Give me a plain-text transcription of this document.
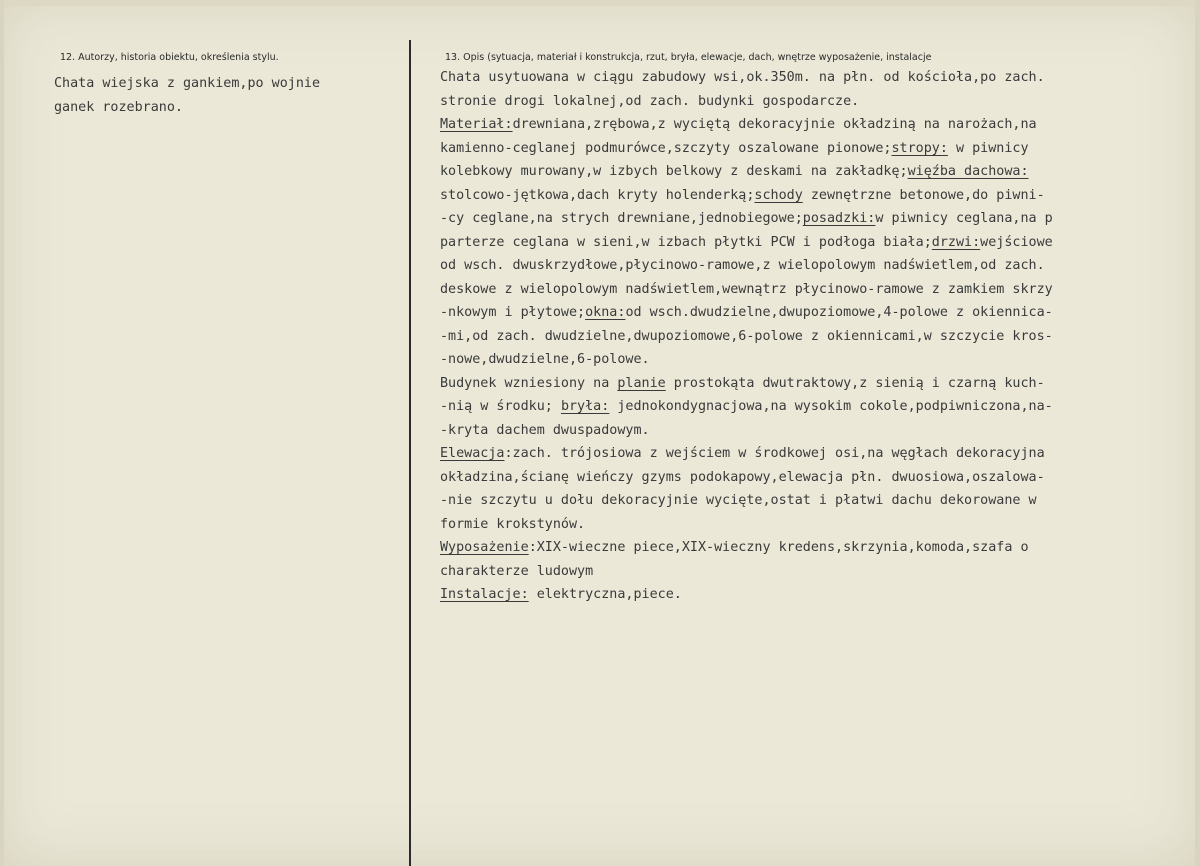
12. Autorzy, historia obiektu, określenia stylu.	13. Opis (sytuacja, materiał i konstrukcja, rzut, bryła, elewacje, dach, wnętrze wyposażenie, instalacje
Chata wiejska z gankiem,po wojnie
ganek rozebrano.
Chata usytuowana w ciągu zabudowy wsi,ok.350m. na płn. od kościoła,po zach.
stronie drogi lokalnej,od zach. budynki gospodarcze.
Materiał:drewniana,zrębowa,z wyciętą dekoracyjnie okładziną na narożach,na
kamienno-ceglanej podmurówce,szczyty oszalowane pionowe;stropy: w piwnicy
kolebkowy murowany,w izbych belkowy z deskami na zakładkę;więźba dachowa:
stolcowo-jętkowa,dach kryty holenderką;schody zewnętrzne betonowe,do piwni-
-cy ceglane,na strych drewniane,jednobiegowe;posadzki:w piwnicy ceglana,na p
parterze ceglana w sieni,w izbach płytki PCW i podłoga biała;drzwi:wejściowe
od wsch. dwuskrzydłowe,płycinowo-ramowe,z wielopolowym nadświetlem,od zach.
deskowe z wielopolowym nadświetlem,wewnątrz płycinowo-ramowe z zamkiem skrzy
-nkowym i płytowe;okna:od wsch.dwudzielne,dwupoziomowe,4-polowe z okiennica-
-mi,od zach. dwudzielne,dwupoziomowe,6-polowe z okiennicami,w szczycie kros-
-nowe,dwudzielne,6-polowe.
Budynek wzniesiony na planie prostokąta dwutraktowy,z sienią i czarną kuch-
-nią w środku; bryła: jednokondygnacjowa,na wysokim cokole,podpiwniczona,na-
-kryta dachem dwuspadowym.
Elewacja:zach. trójosiowa z wejściem w środkowej osi,na węgłach dekoracyjna
okładzina,ścianę wieńczy gzyms podokapowy,elewacja płn. dwuosiowa,oszalowa-
-nie szczytu u dołu dekoracyjnie wycięte,ostat i płatwi dachu dekorowane w
formie krokstynów.
Wyposażenie:XIX-wieczne piece,XIX-wieczny kredens,skrzynia,komoda,szafa o
charakterze ludowym
Instalacje: elektryczna,piece.
